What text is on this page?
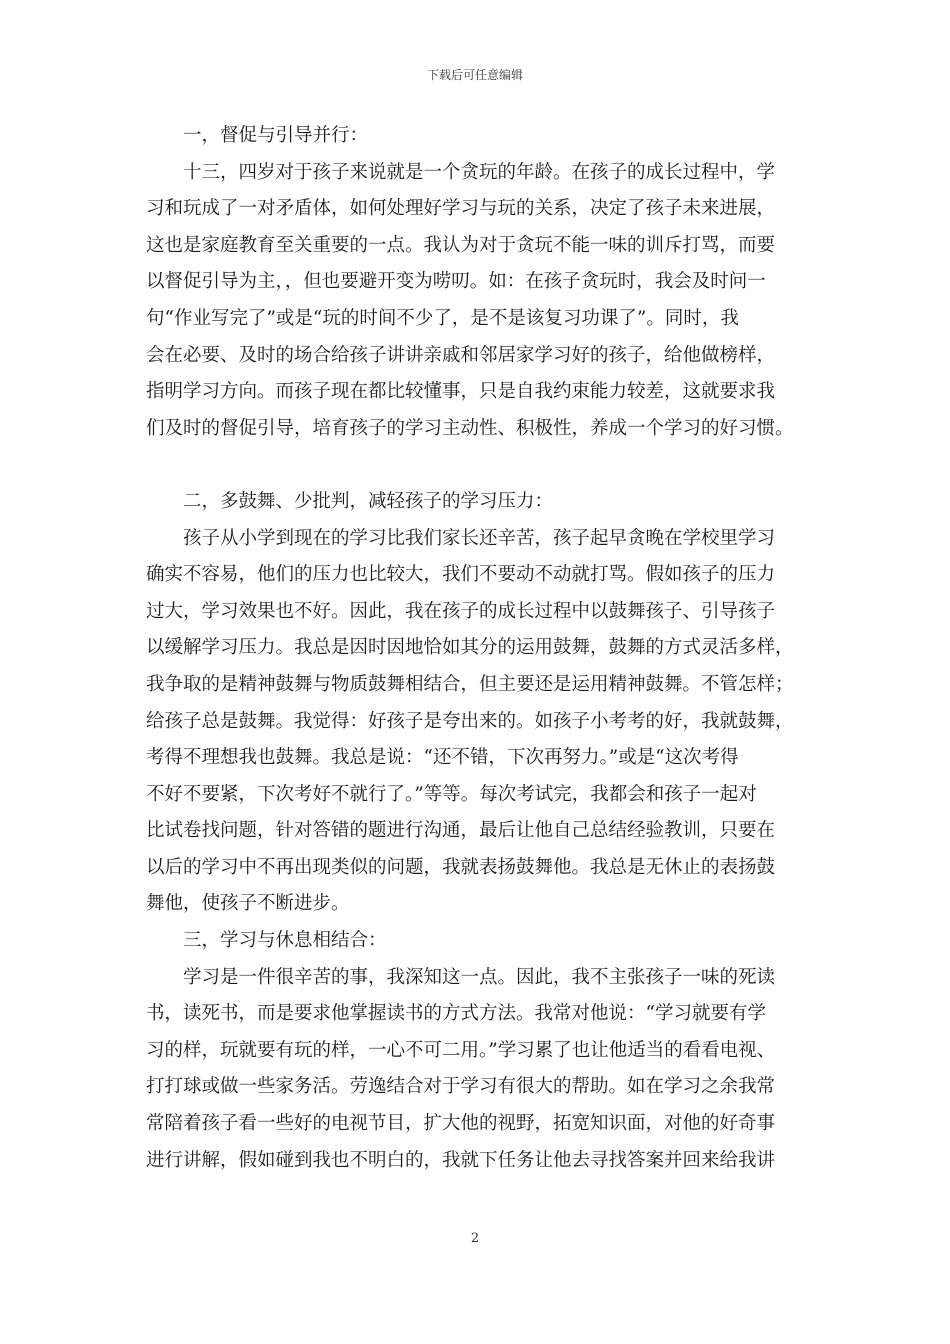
下载后可任意编辑
一，督促与引导并行：
十三，四岁对于孩子来说就是一个贪玩的年龄。在孩子的成长过程中，学
习和玩成了一对矛盾体，如何处理好学习与玩的关系，决定了孩子未来进展，
这也是家庭教育至关重要的一点。我认为对于贪玩不能一味的训斥打骂，而要
以督促引导为主，，但也要避开变为唠叨。如：在孩子贪玩时，我会及时问一
句“作业写完了”或是“玩的时间不少了，是不是该复习功课了”。同时，我
会在必要、及时的场合给孩子讲讲亲戚和邻居家学习好的孩子，给他做榜样，
指明学习方向。而孩子现在都比较懂事，只是自我约束能力较差，这就要求我
们及时的督促引导，培育孩子的学习主动性、积极性，养成一个学习的好习惯。
二，多鼓舞、少批判，减轻孩子的学习压力：
孩子从小学到现在的学习比我们家长还辛苦，孩子起早贪晚在学校里学习
确实不容易，他们的压力也比较大，我们不要动不动就打骂。假如孩子的压力
过大，学习效果也不好。因此，我在孩子的成长过程中以鼓舞孩子、引导孩子
以缓解学习压力。我总是因时因地恰如其分的运用鼓舞，鼓舞的方式灵活多样，
我争取的是精神鼓舞与物质鼓舞相结合，但主要还是运用精神鼓舞。不管怎样；
给孩子总是鼓舞。我觉得：好孩子是夸出来的。如孩子小考考的好，我就鼓舞，
考得不理想我也鼓舞。我总是说：“还不错，下次再努力。”或是“这次考得
不好不要紧，下次考好不就行了。”等等。每次考试完，我都会和孩子一起对
比试卷找问题，针对答错的题进行沟通，最后让他自己总结经验教训，只要在
以后的学习中不再出现类似的问题，我就表扬鼓舞他。我总是无休止的表扬鼓
舞他，使孩子不断进步。
三，学习与休息相结合：
学习是一件很辛苦的事，我深知这一点。因此，我不主张孩子一味的死读
书，读死书，而是要求他掌握读书的方式方法。我常对他说：“学习就要有学
习的样，玩就要有玩的样，一心不可二用。”学习累了也让他适当的看看电视、
打打球或做一些家务活。劳逸结合对于学习有很大的帮助。如在学习之余我常
常陪着孩子看一些好的电视节目，扩大他的视野，拓宽知识面，对他的好奇事
进行讲解，假如碰到我也不明白的，我就下任务让他去寻找答案并回来给我讲
2
